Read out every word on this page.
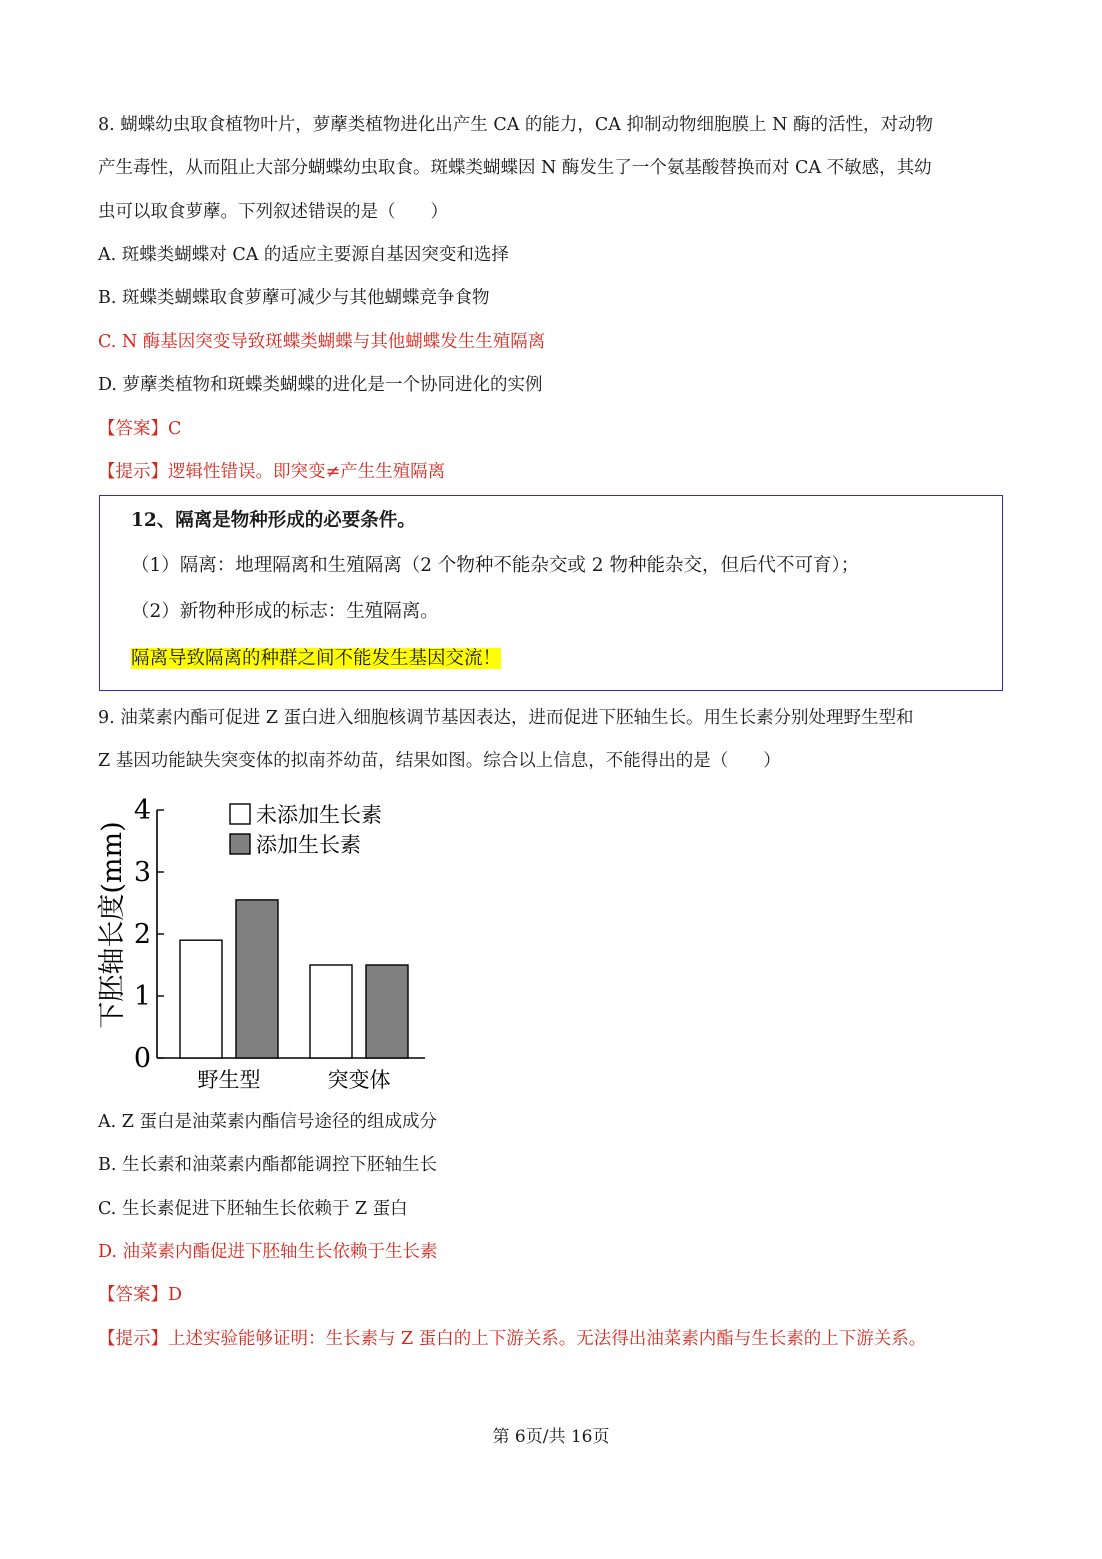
8. 蝴蝶幼虫取食植物叶片，萝藦类植物进化出产生 CA 的能力，CA 抑制动物细胞膜上 N 酶的活性，对动物
产生毒性，从而阻止大部分蝴蝶幼虫取食。斑蝶类蝴蝶因 N 酶发生了一个氨基酸替换而对 CA 不敏感，其幼
虫可以取食萝藦。下列叙述错误的是（　　）
A. 斑蝶类蝴蝶对 CA 的适应主要源自基因突变和选择
B. 斑蝶类蝴蝶取食萝藦可减少与其他蝴蝶竞争食物
C. N 酶基因突变导致斑蝶类蝴蝶与其他蝴蝶发生生殖隔离
D. 萝藦类植物和斑蝶类蝴蝶的进化是一个协同进化的实例
【答案】C
【提示】逻辑性错误。即突变≠产生生殖隔离
12、隔离是物种形成的必要条件。
（1）隔离：地理隔离和生殖隔离（2 个物种不能杂交或 2 物种能杂交，但后代不可育）；
（2）新物种形成的标志：生殖隔离。
隔离导致隔离的种群之间不能发生基因交流！
9. 油菜素内酯可促进 Z 蛋白进入细胞核调节基因表达，进而促进下胚轴生长。用生长素分别处理野生型和
Z 基因功能缺失突变体的拟南芥幼苗，结果如图。综合以上信息，不能得出的是（　　）
0
1
2
3
4
野生型	突变体
未添加生长素
添加生长素
下胚轴长度(mm)
A. Z 蛋白是油菜素内酯信号途径的组成成分
B. 生长素和油菜素内酯都能调控下胚轴生长
C. 生长素促进下胚轴生长依赖于 Z 蛋白
D. 油菜素内酯促进下胚轴生长依赖于生长素
【答案】D
【提示】上述实验能够证明：生长素与 Z 蛋白的上下游关系。无法得出油菜素内酯与生长素的上下游关系。
第 6页/共 16页
